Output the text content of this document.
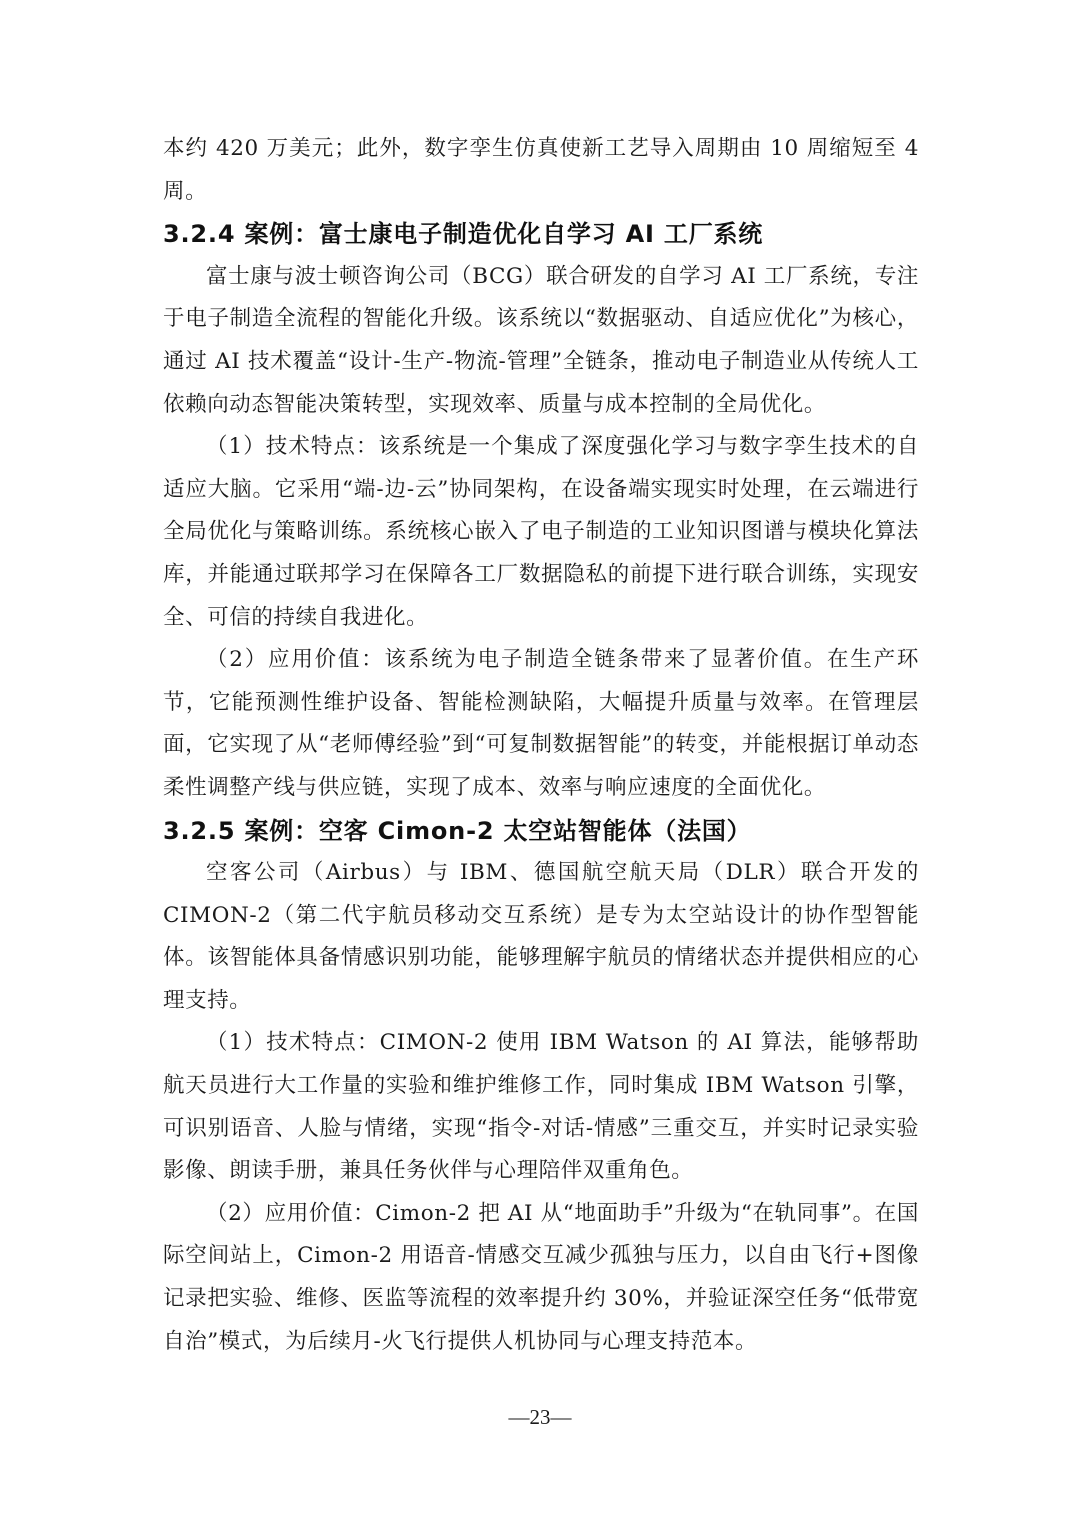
本约 420 万美元；此外，数字孪生仿真使新工艺导入周期由 10 周缩短至 4 周。

3.2.4 案例：富士康电子制造优化自学习 AI 工厂系统

富士康与波士顿咨询公司（BCG）联合研发的自学习 AI 工厂系统，专注于电子制造全流程的智能化升级。该系统以“数据驱动、自适应优化”为核心，通过 AI 技术覆盖“设计-生产-物流-管理”全链条，推动电子制造业从传统人工依赖向动态智能决策转型，实现效率、质量与成本控制的全局优化。

（1）技术特点：该系统是一个集成了深度强化学习与数字孪生技术的自适应大脑。它采用“端-边-云”协同架构，在设备端实现实时处理，在云端进行全局优化与策略训练。系统核心嵌入了电子制造的工业知识图谱与模块化算法库，并能通过联邦学习在保障各工厂数据隐私的前提下进行联合训练，实现安全、可信的持续自我进化。

（2）应用价值：该系统为电子制造全链条带来了显著价值。在生产环节，它能预测性维护设备、智能检测缺陷，大幅提升质量与效率。在管理层面，它实现了从“老师傅经验”到“可复制数据智能”的转变，并能根据订单动态柔性调整产线与供应链，实现了成本、效率与响应速度的全面优化。

3.2.5 案例：空客 Cimon-2 太空站智能体（法国）

空客公司（Airbus）与 IBM、德国航空航天局（DLR）联合开发的 CIMON-2（第二代宇航员移动交互系统）是专为太空站设计的协作型智能体。该智能体具备情感识别功能，能够理解宇航员的情绪状态并提供相应的心理支持。

（1）技术特点：CIMON-2 使用 IBM Watson 的 AI 算法，能够帮助航天员进行大工作量的实验和维护维修工作，同时集成 IBM Watson 引擎，可识别语音、人脸与情绪，实现“指令-对话-情感”三重交互，并实时记录实验影像、朗读手册，兼具任务伙伴与心理陪伴双重角色。

（2）应用价值：Cimon-2 把 AI 从“地面助手”升级为“在轨同事”。在国际空间站上，Cimon-2 用语音-情感交互减少孤独与压力，以自由飞行+图像记录把实验、维修、医监等流程的效率提升约 30%，并验证深空任务“低带宽自治”模式，为后续月-火飞行提供人机协同与心理支持范本。

—23—
